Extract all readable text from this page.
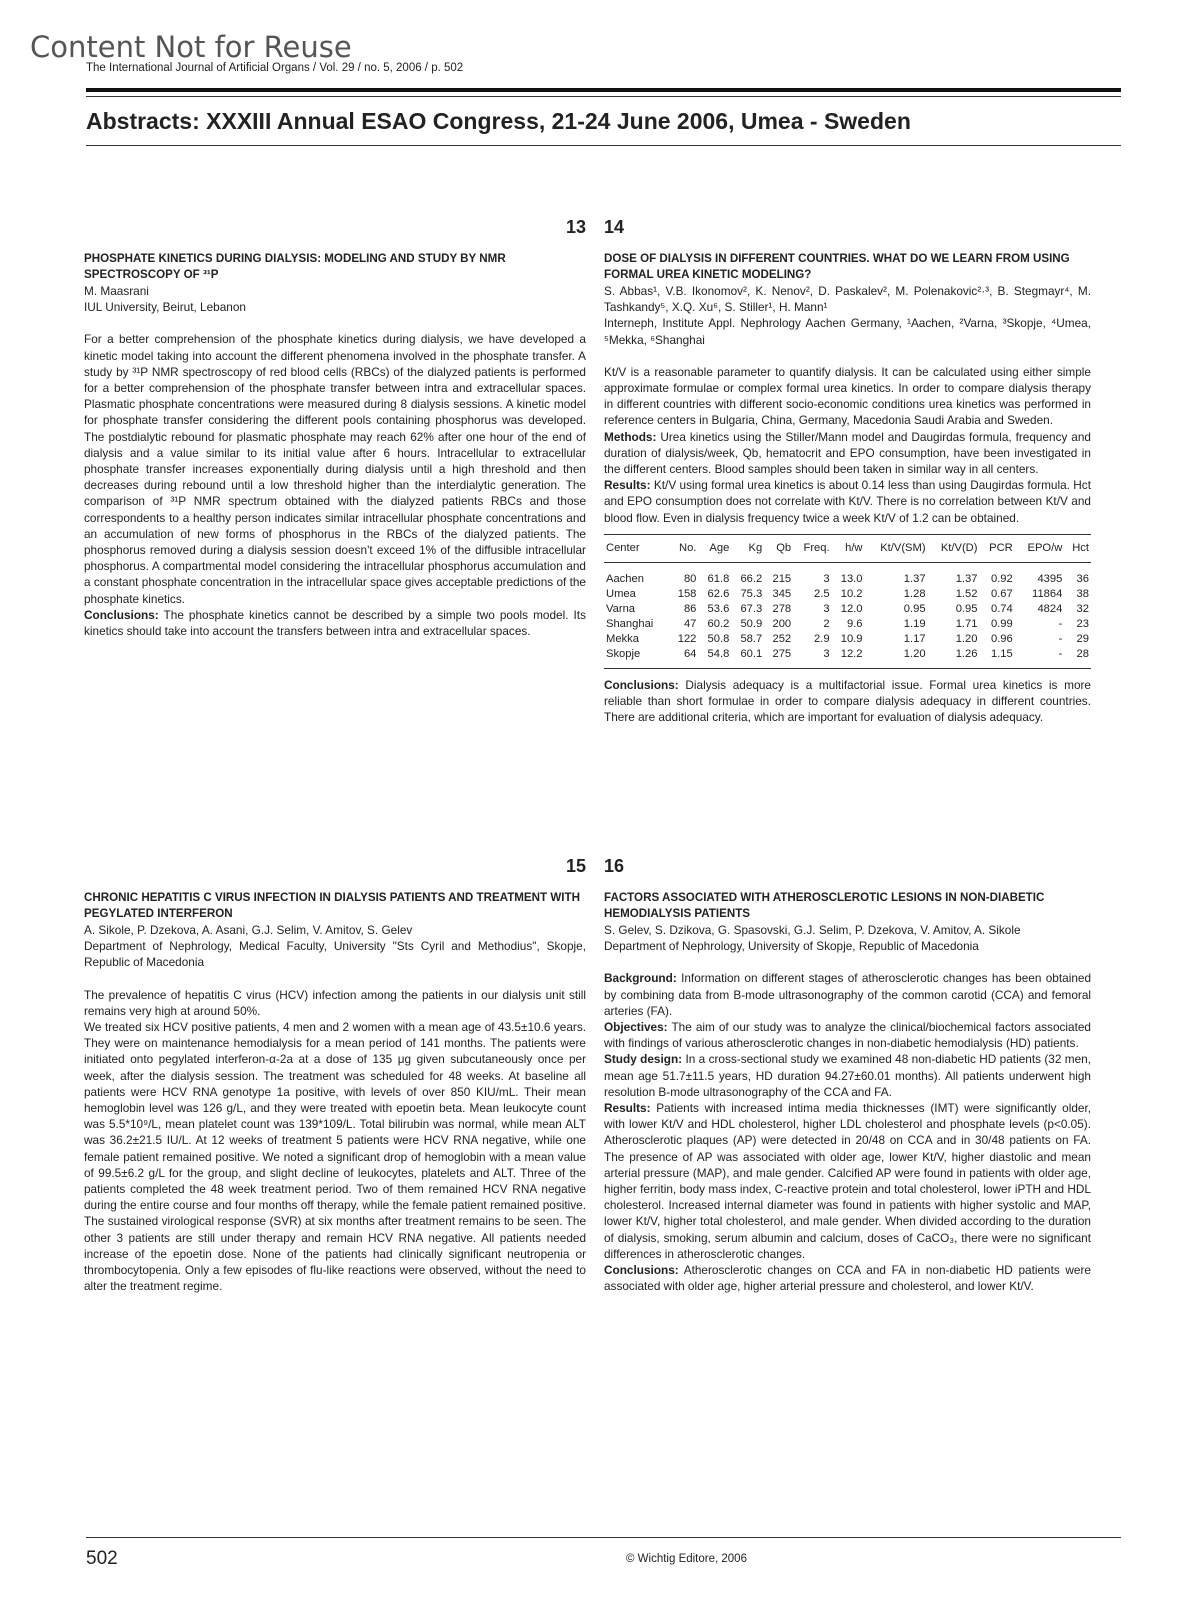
Content Not for Reuse
The International Journal of Artificial Organs / Vol. 29 / no. 5, 2006 / p. 502
Abstracts: XXXIII Annual ESAO Congress, 21-24 June 2006, Umea - Sweden
13
PHOSPHATE KINETICS DURING DIALYSIS: MODELING AND STUDY BY NMR SPECTROSCOPY OF ³¹P

M. Maasrani

IUL University, Beirut, Lebanon

For a better comprehension of the phosphate kinetics during dialysis, we have developed a kinetic model taking into account the different phenomena involved in the phosphate transfer. A study by ³¹P NMR spectroscopy of red blood cells (RBCs) of the dialyzed patients is performed for a better comprehension of the phosphate transfer between intra and extracellular spaces. Plasmatic phosphate concentrations were measured during 8 dialysis sessions. A kinetic model for phosphate transfer considering the different pools containing phosphorus was developed. The postdialytic rebound for plasmatic phosphate may reach 62% after one hour of the end of dialysis and a value similar to its initial value after 6 hours. Intracellular to extracellular phosphate transfer increases exponentially during dialysis until a high threshold and then decreases during rebound until a low threshold higher than the interdialytic generation. The comparison of ³¹P NMR spectrum obtained with the dialyzed patients RBCs and those correspondents to a healthy person indicates similar intracellular phosphate concentrations and an accumulation of new forms of phosphorus in the RBCs of the dialyzed patients. The phosphorus removed during a dialysis session doesn't exceed 1% of the diffusible intracellular phosphorus. A compartmental model considering the intracellular phosphorus accumulation and a constant phosphate concentration in the intracellular space gives acceptable predictions of the phosphate kinetics.

Conclusions: The phosphate kinetics cannot be described by a simple two pools model. Its kinetics should take into account the transfers between intra and extracellular spaces.

14
DOSE OF DIALYSIS IN DIFFERENT COUNTRIES. WHAT DO WE LEARN FROM USING FORMAL UREA KINETIC MODELING?

S. Abbas¹, V.B. Ikonomov², K. Nenov², D. Paskalev², M. Polenakovic²·³, B. Stegmayr⁴, M. Tashkandy⁵, X.Q. Xu⁶, S. Stiller¹, H. Mann¹

Interneph, Institute Appl. Nephrology Aachen Germany, ¹Aachen, ²Varna, ³Skopje, ⁴Umea, ⁵Mekka, ⁶Shanghai

Kt/V is a reasonable parameter to quantify dialysis. It can be calculated using either simple approximate formulae or complex formal urea kinetics. In order to compare dialysis therapy in different countries with different socio-economic conditions urea kinetics was performed in reference centers in Bulgaria, China, Germany, Macedonia Saudi Arabia and Sweden.

Methods: Urea kinetics using the Stiller/Mann model and Daugirdas formula, frequency and duration of dialysis/week, Qb, hematocrit and EPO consumption, have been investigated in the different centers. Blood samples should been taken in similar way in all centers.

Results: Kt/V using formal urea kinetics is about 0.14 less than using Daugirdas formula. Hct and EPO consumption does not correlate with Kt/V. There is no correlation between Kt/V and blood flow. Even in dialysis frequency twice a week Kt/V of 1.2 can be obtained.

Center	No.	Age	Kg	Qb	Freq.	h/w	Kt/V(SM)	Kt/V(D)	PCR	EPO/w	Hct
Aachen	80	61.8	66.2	215	3	13.0	1.37	1.37	0.92	4395	36
Umea	158	62.6	75.3	345	2.5	10.2	1.28	1.52	0.67	11864	38
Varna	86	53.6	67.3	278	3	12.0	0.95	0.95	0.74	4824	32
Shanghai	47	60.2	50.9	200	2	9.6	1.19	1.71	0.99	-	23
Mekka	122	50.8	58.7	252	2.9	10.9	1.17	1.20	0.96	-	29
Skopje	64	54.8	60.1	275	3	12.2	1.20	1.26	1.15	-	28

Conclusions: Dialysis adequacy is a multifactorial issue. Formal urea kinetics is more reliable than short formulae in order to compare dialysis adequacy in different countries. There are additional criteria, which are important for evaluation of dialysis adequacy.

15
CHRONIC HEPATITIS C VIRUS INFECTION IN DIALYSIS PATIENTS AND TREATMENT WITH PEGYLATED INTERFERON

A. Sikole, P. Dzekova, A. Asani, G.J. Selim, V. Amitov, S. Gelev

Department of Nephrology, Medical Faculty, University "Sts Cyril and Methodius", Skopje, Republic of Macedonia

The prevalence of hepatitis C virus (HCV) infection among the patients in our dialysis unit still remains very high at around 50%.

We treated six HCV positive patients, 4 men and 2 women with a mean age of 43.5±10.6 years. They were on maintenance hemodialysis for a mean period of 141 months. The patients were initiated onto pegylated interferon-α-2a at a dose of 135 μg given subcutaneously once per week, after the dialysis session. The treatment was scheduled for 48 weeks. At baseline all patients were HCV RNA genotype 1a positive, with levels of over 850 KIU/mL. Their mean hemoglobin level was 126 g/L, and they were treated with epoetin beta. Mean leukocyte count was 5.5*10⁹/L, mean platelet count was 139*109/L. Total bilirubin was normal, while mean ALT was 36.2±21.5 IU/L. At 12 weeks of treatment 5 patients were HCV RNA negative, while one female patient remained positive. We noted a significant drop of hemoglobin with a mean value of 99.5±6.2 g/L for the group, and slight decline of leukocytes, platelets and ALT. Three of the patients completed the 48 week treatment period. Two of them remained HCV RNA negative during the entire course and four months off therapy, while the female patient remained positive. The sustained virological response (SVR) at six months after treatment remains to be seen. The other 3 patients are still under therapy and remain HCV RNA negative. All patients needed increase of the epoetin dose. None of the patients had clinically significant neutropenia or thrombocytopenia. Only a few episodes of flu-like reactions were observed, without the need to alter the treatment regime.

16
FACTORS ASSOCIATED WITH ATHEROSCLEROTIC LESIONS IN NON-DIABETIC HEMODIALYSIS PATIENTS

S. Gelev, S. Dzikova, G. Spasovski, G.J. Selim, P. Dzekova, V. Amitov, A. Sikole

Department of Nephrology, University of Skopje, Republic of Macedonia

Background: Information on different stages of atherosclerotic changes has been obtained by combining data from B-mode ultrasonography of the common carotid (CCA) and femoral arteries (FA).

Objectives: The aim of our study was to analyze the clinical/biochemical factors associated with findings of various atherosclerotic changes in non-diabetic hemodialysis (HD) patients.

Study design: In a cross-sectional study we examined 48 non-diabetic HD patients (32 men, mean age 51.7±11.5 years, HD duration 94.27±60.01 months). All patients underwent high resolution B-mode ultrasonography of the CCA and FA.

Results: Patients with increased intima media thicknesses (IMT) were significantly older, with lower Kt/V and HDL cholesterol, higher LDL cholesterol and phosphate levels (p<0.05). Atherosclerotic plaques (AP) were detected in 20/48 on CCA and in 30/48 patients on FA. The presence of AP was associated with older age, lower Kt/V, higher diastolic and mean arterial pressure (MAP), and male gender. Calcified AP were found in patients with older age, higher ferritin, body mass index, C-reactive protein and total cholesterol, lower iPTH and HDL cholesterol. Increased internal diameter was found in patients with higher systolic and MAP, lower Kt/V, higher total cholesterol, and male gender. When divided according to the duration of dialysis, smoking, serum albumin and calcium, doses of CaCO₃, there were no significant differences in atherosclerotic changes.

Conclusions: Atherosclerotic changes on CCA and FA in non-diabetic HD patients were associated with older age, higher arterial pressure and cholesterol, and lower Kt/V.

502	© Wichtig Editore, 2006
